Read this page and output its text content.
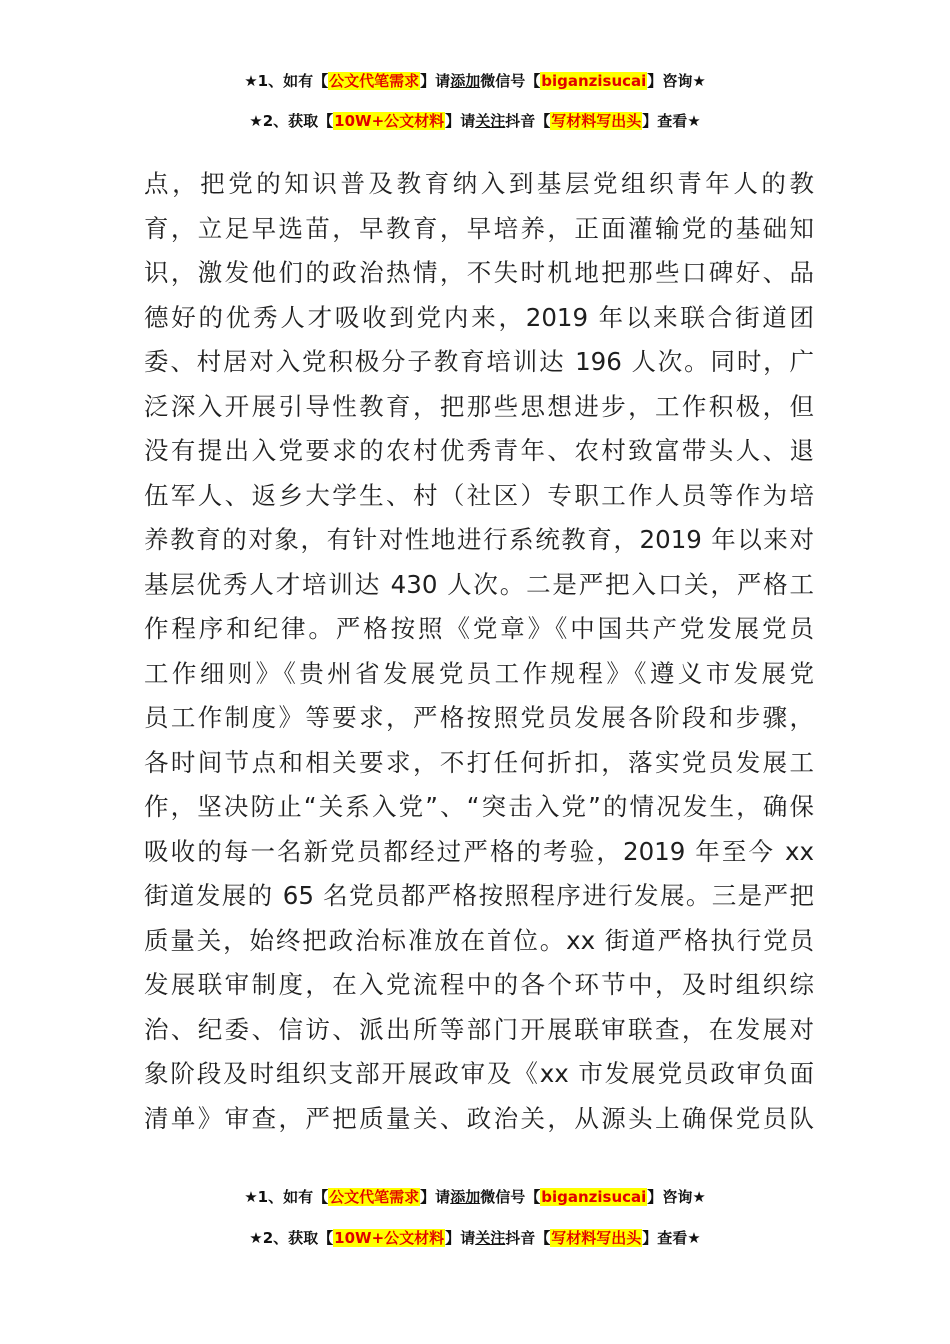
★1、如有【公文代笔需求】请添加微信号【biganzisucai】咨询★
★2、获取【10W+公文材料】请关注抖音【写材料写出头】查看★
点，把党的知识普及教育纳入到基层党组织青年人的教
育，立足早选苗，早教育，早培养，正面灌输党的基础知
识，激发他们的政治热情，不失时机地把那些口碑好、品
德好的优秀人才吸收到党内来，2019 年以来联合街道团
委、村居对入党积极分子教育培训达 196 人次。同时，广
泛深入开展引导性教育，把那些思想进步，工作积极，但
没有提出入党要求的农村优秀青年、农村致富带头人、退
伍军人、返乡大学生、村（社区）专职工作人员等作为培
养教育的对象，有针对性地进行系统教育，2019 年以来对
基层优秀人才培训达 430 人次。二是严把入口关，严格工
作程序和纪律。严格按照《党章》《中国共产党发展党员
工作细则》《贵州省发展党员工作规程》《遵义市发展党
员工作制度》等要求，严格按照党员发展各阶段和步骤，
各时间节点和相关要求，不打任何折扣，落实党员发展工
作，坚决防止“关系入党”、“突击入党”的情况发生，确保
吸收的每一名新党员都经过严格的考验，2019 年至今 xx
街道发展的 65 名党员都严格按照程序进行发展。三是严把
质量关，始终把政治标准放在首位。xx 街道严格执行党员
发展联审制度，在入党流程中的各个环节中，及时组织综
治、纪委、信访、派出所等部门开展联审联查，在发展对
象阶段及时组织支部开展政审及《xx 市发展党员政审负面
清单》审查，严把质量关、政治关，从源头上确保党员队
★1、如有【公文代笔需求】请添加微信号【biganzisucai】咨询★
★2、获取【10W+公文材料】请关注抖音【写材料写出头】查看★
